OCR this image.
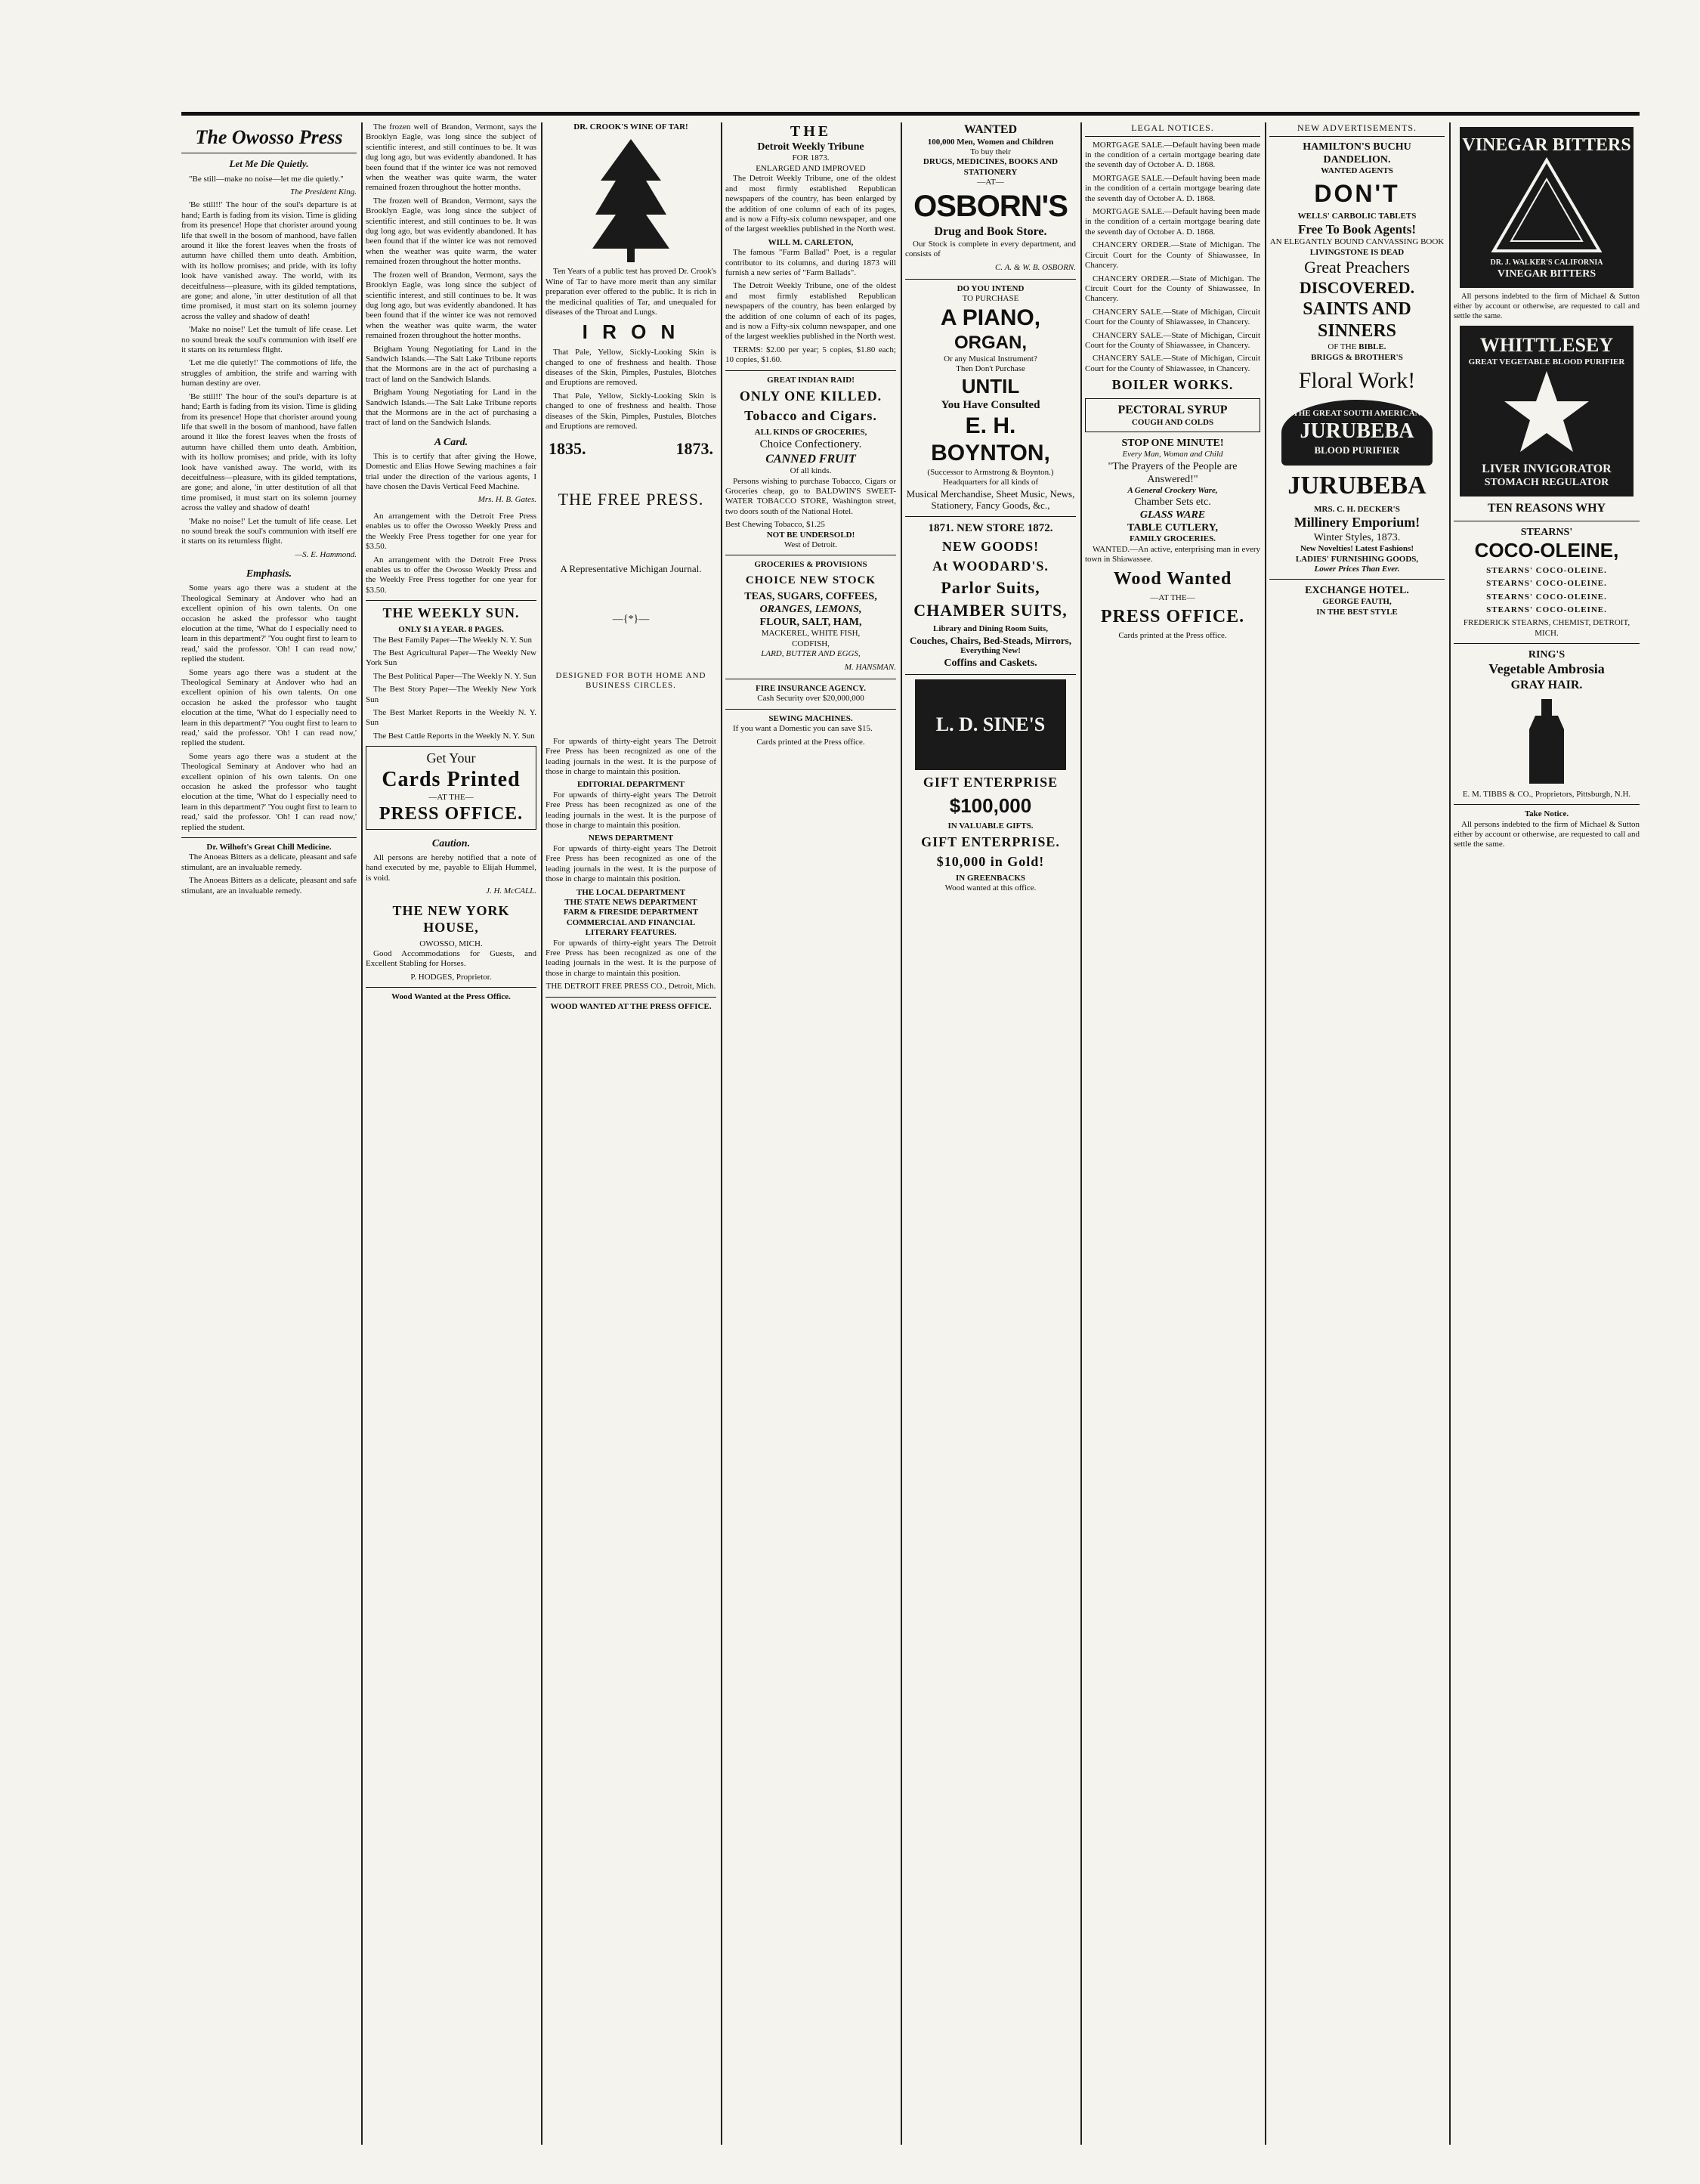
The Owosso Press
Let Me Die Quietly.

"Be still—make no noise—let me die quietly."

The President King.

'Be still!!' The hour of the soul's departure is at hand; Earth is fading from its vision. Time is gliding from its presence! Hope that chorister around young life that swell in the bosom of manhood, have fallen around it like the forest leaves when the frosts of autumn have chilled them unto death. Ambition, with its hollow promises; and pride, with its lofty look have vanished away. The world, with its deceitfulness—pleasure, with its gilded temptations, are gone; and alone, 'in utter destitution of all that time promised, it must start on its solemn journey across the valley and shadow of death!

'Make no noise!' Let the tumult of life cease. Let no sound break the soul's communion with itself ere it starts on its returnless flight.

'Let me die quietly!' The commotions of life, the struggles of ambition, the strife and warring with human destiny are over.

'Be still!!' The hour of the soul's departure is at hand; Earth is fading from its vision. Time is gliding from its presence! Hope that chorister around young life that swell in the bosom of manhood, have fallen around it like the forest leaves when the frosts of autumn have chilled them unto death. Ambition, with its hollow promises; and pride, with its lofty look have vanished away. The world, with its deceitfulness—pleasure, with its gilded temptations, are gone; and alone, 'in utter destitution of all that time promised, it must start on its solemn journey across the valley and shadow of death!

'Make no noise!' Let the tumult of life cease. Let no sound break the soul's communion with itself ere it starts on its returnless flight.

—S. E. Hammond.
Emphasis.

Some years ago there was a student at the Theological Seminary at Andover who had an excellent opinion of his own talents. On one occasion he asked the professor who taught elocution at the time, 'What do I especially need to learn in this department?' 'You ought first to learn to read,' said the professor. 'Oh! I can read now,' replied the student.

Some years ago there was a student at the Theological Seminary at Andover who had an excellent opinion of his own talents. On one occasion he asked the professor who taught elocution at the time, 'What do I especially need to learn in this department?' 'You ought first to learn to read,' said the professor. 'Oh! I can read now,' replied the student.

Some years ago there was a student at the Theological Seminary at Andover who had an excellent opinion of his own talents. On one occasion he asked the professor who taught elocution at the time, 'What do I especially need to learn in this department?' 'You ought first to learn to read,' said the professor. 'Oh! I can read now,' replied the student.

Dr. Wilhoft's Great Chill Medicine.

The Anoeas Bitters as a delicate, pleasant and safe stimulant, are an invaluable remedy.

The Anoeas Bitters as a delicate, pleasant and safe stimulant, are an invaluable remedy.

The frozen well of Brandon, Vermont, says the Brooklyn Eagle, was long since the subject of scientific interest, and still continues to be. It was dug long ago, but was evidently abandoned. It has been found that if the winter ice was not removed when the weather was quite warm, the water remained frozen throughout the hotter months.

The frozen well of Brandon, Vermont, says the Brooklyn Eagle, was long since the subject of scientific interest, and still continues to be. It was dug long ago, but was evidently abandoned. It has been found that if the winter ice was not removed when the weather was quite warm, the water remained frozen throughout the hotter months.

The frozen well of Brandon, Vermont, says the Brooklyn Eagle, was long since the subject of scientific interest, and still continues to be. It was dug long ago, but was evidently abandoned. It has been found that if the winter ice was not removed when the weather was quite warm, the water remained frozen throughout the hotter months.

Brigham Young Negotiating for Land in the Sandwich Islands.—The Salt Lake Tribune reports that the Mormons are in the act of purchasing a tract of land on the Sandwich Islands.

Brigham Young Negotiating for Land in the Sandwich Islands.—The Salt Lake Tribune reports that the Mormons are in the act of purchasing a tract of land on the Sandwich Islands.

A Card.

This is to certify that after giving the Howe, Domestic and Elias Howe Sewing machines a fair trial under the direction of the various agents, I have chosen the Davis Vertical Feed Machine.

Mrs. H. B. Gates.

An arrangement with the Detroit Free Press enables us to offer the Owosso Weekly Press and the Weekly Free Press together for one year for $3.50.

An arrangement with the Detroit Free Press enables us to offer the Owosso Weekly Press and the Weekly Free Press together for one year for $3.50.

THE WEEKLY SUN.
ONLY $1 A YEAR. 8 PAGES.

The Best Family Paper—The Weekly N. Y. Sun

The Best Agricultural Paper—The Weekly New York Sun

The Best Political Paper—The Weekly N. Y. Sun

The Best Story Paper—The Weekly New York Sun

The Best Market Reports in the Weekly N. Y. Sun

The Best Cattle Reports in the Weekly N. Y. Sun

Get Your
Cards Printed
—AT THE—
PRESS OFFICE.
Caution.

All persons are hereby notified that a note of hand executed by me, payable to Elijah Hummel, is void.

J. H. McCALL.
THE NEW YORK HOUSE,
OWOSSO, MICH.

Good Accommodations for Guests, and Excellent Stabling for Horses.

P. HODGES, Proprietor.
Wood Wanted at the Press Office.
DR. CROOK'S WINE OF TAR!

Ten Years of a public test has proved Dr. Crook's Wine of Tar to have more merit than any similar preparation ever offered to the public. It is rich in the medicinal qualities of Tar, and unequaled for diseases of the Throat and Lungs.

I R O N

That Pale, Yellow, Sickly-Looking Skin is changed to one of freshness and health. Those diseases of the Skin, Pimples, Pustules, Blotches and Eruptions are removed.

That Pale, Yellow, Sickly-Looking Skin is changed to one of freshness and health. Those diseases of the Skin, Pimples, Pustules, Blotches and Eruptions are removed.

1835.	1873.
THE FREE PRESS.
A Representative Michigan Journal.
—{*}—
DESIGNED FOR BOTH HOME AND BUSINESS CIRCLES.

For upwards of thirty-eight years The Detroit Free Press has been recognized as one of the leading journals in the west. It is the purpose of those in charge to maintain this position.

EDITORIAL DEPARTMENT

For upwards of thirty-eight years The Detroit Free Press has been recognized as one of the leading journals in the west. It is the purpose of those in charge to maintain this position.

NEWS DEPARTMENT

For upwards of thirty-eight years The Detroit Free Press has been recognized as one of the leading journals in the west. It is the purpose of those in charge to maintain this position.

THE LOCAL DEPARTMENT
THE STATE NEWS DEPARTMENT
FARM & FIRESIDE DEPARTMENT
COMMERCIAL AND FINANCIAL
LITERARY FEATURES.

For upwards of thirty-eight years The Detroit Free Press has been recognized as one of the leading journals in the west. It is the purpose of those in charge to maintain this position.

THE DETROIT FREE PRESS CO., Detroit, Mich.
WOOD WANTED AT THE PRESS OFFICE.
THE
Detroit Weekly Tribune
FOR 1873.
ENLARGED AND IMPROVED

The Detroit Weekly Tribune, one of the oldest and most firmly established Republican newspapers of the country, has been enlarged by the addition of one column of each of its pages, and is now a Fifty-six column newspaper, and one of the largest weeklies published in the North west.

WILL M. CARLETON,

The famous "Farm Ballad" Poet, is a regular contributor to its columns, and during 1873 will furnish a new series of "Farm Ballads".

The Detroit Weekly Tribune, one of the oldest and most firmly established Republican newspapers of the country, has been enlarged by the addition of one column of each of its pages, and is now a Fifty-six column newspaper, and one of the largest weeklies published in the North west.

TERMS: $2.00 per year; 5 copies, $1.80 each; 10 copies, $1.60.

GREAT INDIAN RAID!
ONLY ONE KILLED.
Tobacco and Cigars.
ALL KINDS OF GROCERIES,
Choice Confectionery.
CANNED FRUIT
Of all kinds.

Persons wishing to purchase Tobacco, Cigars or Groceries cheap, go to BALDWIN'S SWEET-WATER TOBACCO STORE, Washington street, two doors south of the National Hotel.

Best Chewing Tobacco, $1.25
NOT BE UNDERSOLD!
West of Detroit.
GROCERIES & PROVISIONS
CHOICE NEW STOCK
TEAS, SUGARS, COFFEES,
ORANGES, LEMONS,
FLOUR, SALT, HAM,
MACKEREL, WHITE FISH,
CODFISH,
LARD, BUTTER AND EGGS,
M. HANSMAN.
FIRE INSURANCE AGENCY.
Cash Security over $20,000,000
SEWING MACHINES.

If you want a Domestic you can save $15.

Cards printed at the Press office.
WANTED
100,000 Men, Women and Children
To buy their
DRUGS, MEDICINES, BOOKS AND STATIONERY
—AT—
OSBORN'S
Drug and Book Store.

Our Stock is complete in every department, and consists of

C. A. & W. B. OSBORN.
DO YOU INTEND
TO PURCHASE
A PIANO,
ORGAN,
Or any Musical Instrument?
Then Don't Purchase
UNTIL
You Have Consulted
E. H. BOYNTON,
(Successor to Armstrong & Boynton.)
Headquarters for all kinds of
Musical Merchandise, Sheet Music, News, Stationery, Fancy Goods, &c.,
1871. NEW STORE 1872.
NEW GOODS!
At WOODARD'S.
Parlor Suits,
CHAMBER SUITS,
Library and Dining Room Suits,
Couches, Chairs, Bed-Steads, Mirrors,
Everything New!
Coffins and Caskets.
L. D. SINE'S
GIFT ENTERPRISE
$100,000
IN VALUABLE GIFTS.
GIFT ENTERPRISE.
$10,000 in Gold!
IN GREENBACKS
Wood wanted at this office.
LEGAL NOTICES.

MORTGAGE SALE.—Default having been made in the condition of a certain mortgage bearing date the seventh day of October A. D. 1868.

MORTGAGE SALE.—Default having been made in the condition of a certain mortgage bearing date the seventh day of October A. D. 1868.

MORTGAGE SALE.—Default having been made in the condition of a certain mortgage bearing date the seventh day of October A. D. 1868.

CHANCERY ORDER.—State of Michigan. The Circuit Court for the County of Shiawassee, In Chancery.

CHANCERY ORDER.—State of Michigan. The Circuit Court for the County of Shiawassee, In Chancery.

CHANCERY SALE.—State of Michigan, Circuit Court for the County of Shiawassee, in Chancery.

CHANCERY SALE.—State of Michigan, Circuit Court for the County of Shiawassee, in Chancery.

CHANCERY SALE.—State of Michigan, Circuit Court for the County of Shiawassee, in Chancery.

BOILER WORKS.
PECTORAL SYRUP
COUGH AND COLDS
STOP ONE MINUTE!
Every Man, Woman and Child
"The Prayers of the People are Answered!"
A General Crockery Ware,
Chamber Sets etc.
GLASS WARE
TABLE CUTLERY,
FAMILY GROCERIES.

WANTED.—An active, enterprising man in every town in Shiawassee.

Wood Wanted
—AT THE—
PRESS OFFICE.
Cards printed at the Press office.
NEW ADVERTISEMENTS.
HAMILTON'S BUCHU DANDELION.
WANTED AGENTS
DON'T
WELLS' CARBOLIC TABLETS
Free To Book Agents!
AN ELEGANTLY BOUND CANVASSING BOOK
LIVINGSTONE IS DEAD
Great Preachers
DISCOVERED.
SAINTS AND SINNERS
OF THE BIBLE.
BRIGGS & BROTHER'S
Floral Work!
THE GREAT SOUTH AMERICAN
JURUBEBA
BLOOD PURIFIER
JURUBEBA
MRS. C. H. DECKER'S
Millinery Emporium!
Winter Styles, 1873.
New Novelties! Latest Fashions!
LADIES' FURNISHING GOODS,
Lower Prices Than Ever.
EXCHANGE HOTEL.
GEORGE FAUTH,
IN THE BEST STYLE
VINEGAR BITTERS
DR. J. WALKER'S CALIFORNIA
VINEGAR BITTERS

All persons indebted to the firm of Michael & Sutton either by account or otherwise, are requested to call and settle the same.

WHITTLESEY
GREAT VEGETABLE BLOOD PURIFIER
LIVER INVIGORATOR
STOMACH REGULATOR
TEN REASONS WHY
STEARNS'
COCO-OLEINE,
STEARNS' COCO-OLEINE.
STEARNS' COCO-OLEINE.
STEARNS' COCO-OLEINE.
STEARNS' COCO-OLEINE.
FREDERICK STEARNS, CHEMIST, DETROIT, MICH.
RING'S
Vegetable Ambrosia
GRAY HAIR.
E. M. TIBBS & CO., Proprietors, Pittsburgh, N.H.
Take Notice.

All persons indebted to the firm of Michael & Sutton either by account or otherwise, are requested to call and settle the same.
